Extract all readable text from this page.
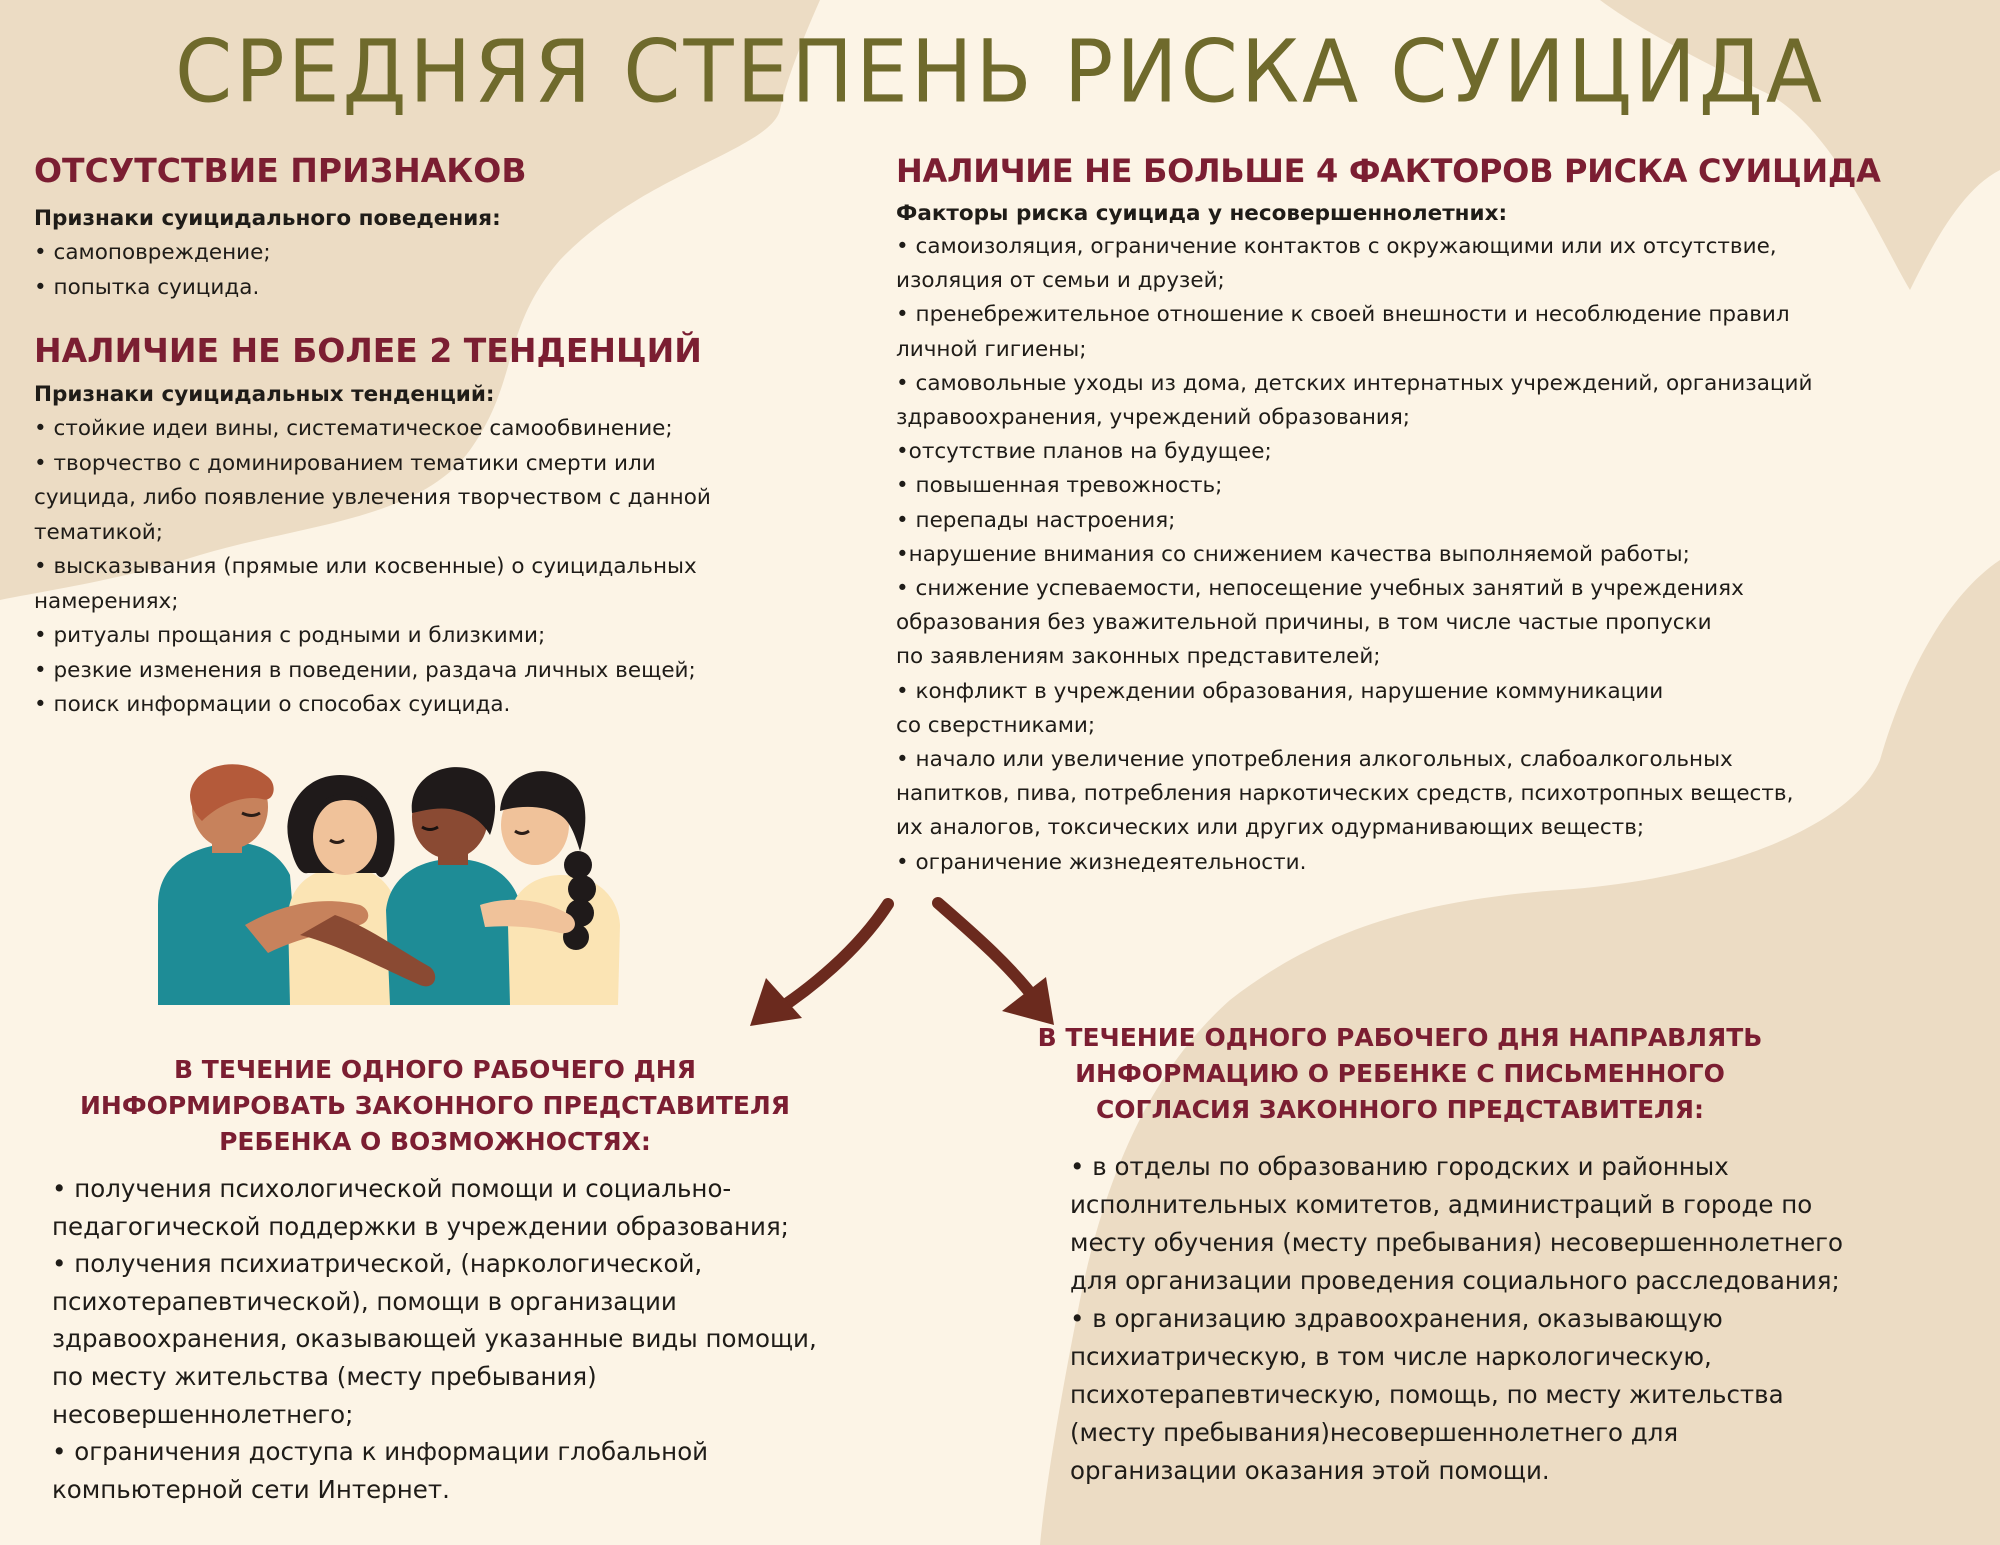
СРЕДНЯЯ СТЕПЕНЬ РИСКА СУИЦИДА

ОТСУТСТВИЕ ПРИЗНАКОВ

Признаки суицидального поведения:

• самоповреждение;

• попытка суицида.

НАЛИЧИЕ НЕ БОЛЕЕ 2 ТЕНДЕНЦИЙ

Признаки суицидальных тенденций:

• стойкие идеи вины, систематическое самообвинение;

• творчество с доминированием тематики смерти или

суицида, либо появление увлечения творчеством с данной

тематикой;

• высказывания (прямые или косвенные) о суицидальных

намерениях;

• ритуалы прощания с родными и близкими;

• резкие изменения в поведении, раздача личных вещей;

• поиск информации о способах суицида.

НАЛИЧИЕ НЕ БОЛЬШЕ 4 ФАКТОРОВ РИСКА СУИЦИДА

Факторы риска суицида у несовершеннолетних:

• самоизоляция, ограничение контактов с окружающими или их отсутствие,

изоляция от семьи и друзей;

• пренебрежительное отношение к своей внешности и несоблюдение правил

личной гигиены;

• самовольные уходы из дома, детских интернатных учреждений, организаций

здравоохранения, учреждений образования;

•отсутствие планов на будущее;

• повышенная тревожность;

• перепады настроения;

•нарушение внимания со снижением качества выполняемой работы;

• снижение успеваемости, непосещение учебных занятий в учреждениях

образования без уважительной причины, в том числе частые пропуски

по заявлениям законных представителей;

• конфликт в учреждении образования, нарушение коммуникации

со сверстниками;

• начало или увеличение употребления алкогольных, слабоалкогольных

напитков, пива, потребления наркотических средств, психотропных веществ,

их аналогов, токсических или других одурманивающих веществ;

• ограничение жизнедеятельности.

В ТЕЧЕНИЕ ОДНОГО РАБОЧЕГО ДНЯ

ИНФОРМИРОВАТЬ ЗАКОННОГО ПРЕДСТАВИТЕЛЯ

РЕБЕНКА О ВОЗМОЖНОСТЯХ:

• получения психологической помощи и социально-

педагогической поддержки в учреждении образования;

• получения психиатрической, (наркологической,

психотерапевтической), помощи в организации

здравоохранения, оказывающей указанные виды помощи,

по месту жительства (месту пребывания)

несовершеннолетнего;

• ограничения доступа к информации глобальной

компьютерной сети Интернет.

В ТЕЧЕНИЕ ОДНОГО РАБОЧЕГО ДНЯ НАПРАВЛЯТЬ

ИНФОРМАЦИЮ О РЕБЕНКЕ С ПИСЬМЕННОГО

СОГЛАСИЯ ЗАКОННОГО ПРЕДСТАВИТЕЛЯ:

• в отделы по образованию городских и районных

исполнительных комитетов, администраций в городе по

месту обучения (месту пребывания) несовершеннолетнего

для организации проведения социального расследования;

• в организацию здравоохранения, оказывающую

психиатрическую, в том числе наркологическую,

психотерапевтическую, помощь, по месту жительства

(месту пребывания)несовершеннолетнего для

организации оказания этой помощи.
